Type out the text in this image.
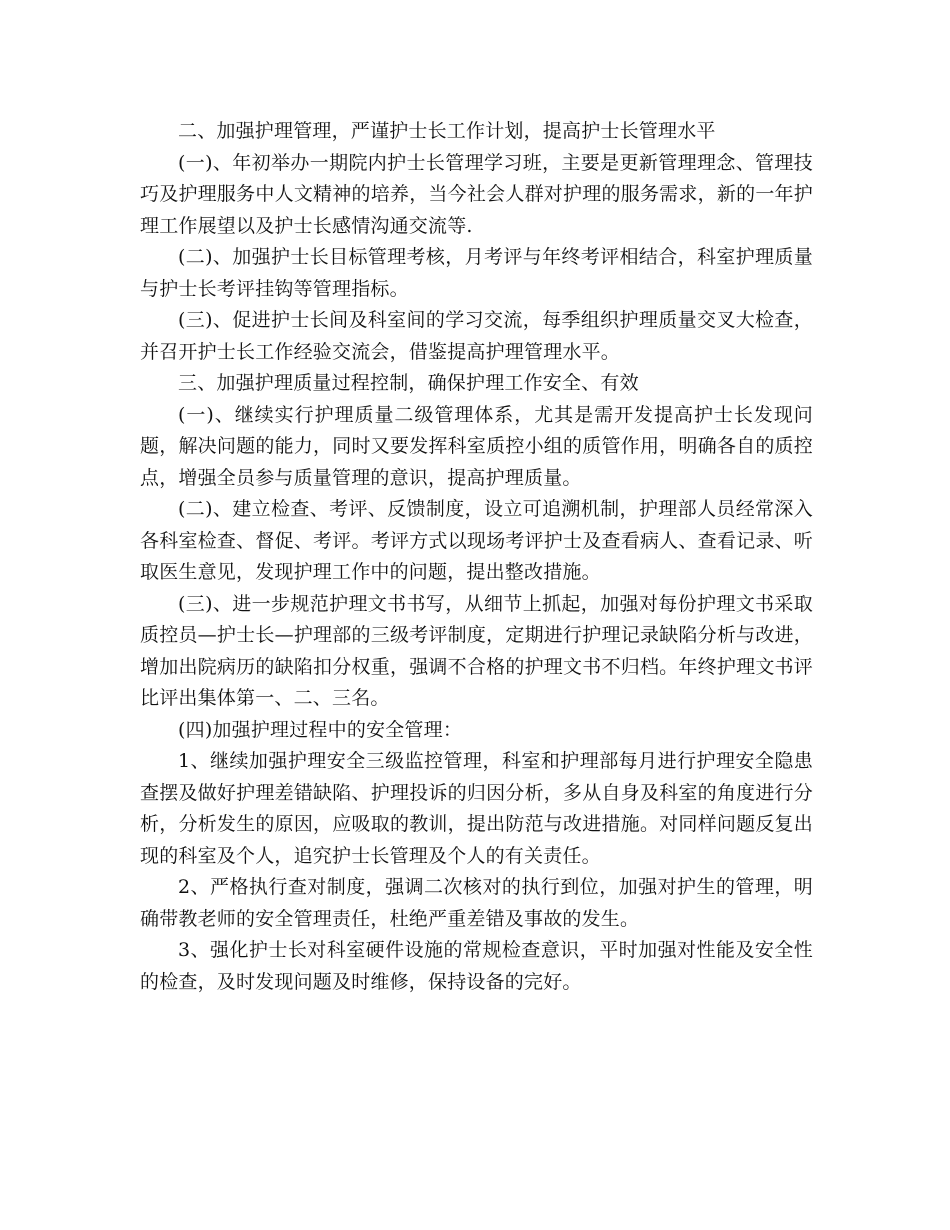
二、加强护理管理，严谨护士长工作计划，提高护士长管理水平

(一)、年初举办一期院内护士长管理学习班，主要是更新管理理念、管理技巧及护理服务中人文精神的培养，当今社会人群对护理的服务需求，新的一年护理工作展望以及护士长感情沟通交流等.

(二)、加强护士长目标管理考核，月考评与年终考评相结合，科室护理质量与护士长考评挂钩等管理指标。

(三)、促进护士长间及科室间的学习交流，每季组织护理质量交叉大检查，并召开护士长工作经验交流会，借鉴提高护理管理水平。

三、加强护理质量过程控制，确保护理工作安全、有效

(一)、继续实行护理质量二级管理体系，尤其是需开发提高护士长发现问题，解决问题的能力，同时又要发挥科室质控小组的质管作用，明确各自的质控点，增强全员参与质量管理的意识，提高护理质量。

(二)、建立检查、考评、反馈制度，设立可追溯机制，护理部人员经常深入各科室检查、督促、考评。考评方式以现场考评护士及查看病人、查看记录、听取医生意见，发现护理工作中的问题，提出整改措施。

(三)、进一步规范护理文书书写，从细节上抓起，加强对每份护理文书采取质控员—护士长—护理部的三级考评制度，定期进行护理记录缺陷分析与改进，增加出院病历的缺陷扣分权重，强调不合格的护理文书不归档。年终护理文书评比评出集体第一、二、三名。

(四)加强护理过程中的安全管理：

1、继续加强护理安全三级监控管理，科室和护理部每月进行护理安全隐患查摆及做好护理差错缺陷、护理投诉的归因分析，多从自身及科室的角度进行分析，分析发生的原因，应吸取的教训，提出防范与改进措施。对同样问题反复出现的科室及个人，追究护士长管理及个人的有关责任。

2、严格执行查对制度，强调二次核对的执行到位，加强对护生的管理，明确带教老师的安全管理责任，杜绝严重差错及事故的发生。

3、强化护士长对科室硬件设施的常规检查意识，平时加强对性能及安全性的检查，及时发现问题及时维修，保持设备的完好。
